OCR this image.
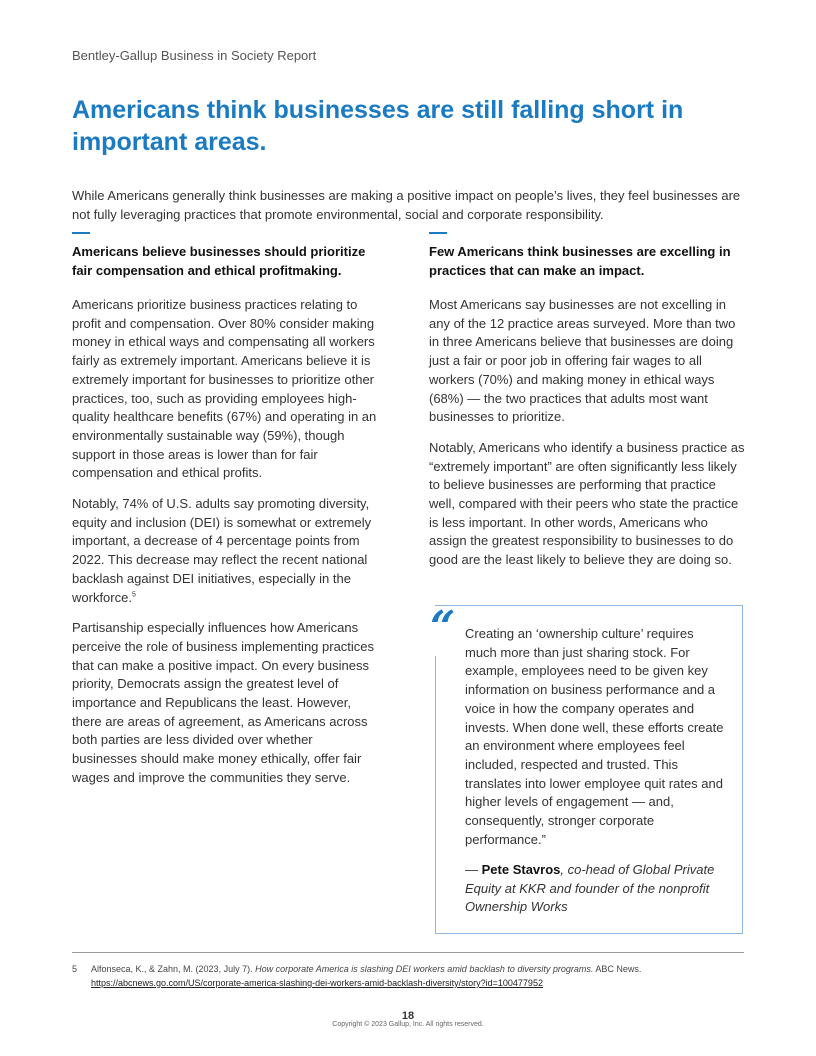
Bentley-Gallup Business in Society Report
Americans think businesses are still falling short in important areas.

While Americans generally think businesses are making a positive impact on people’s lives, they feel businesses are not fully leveraging practices that promote environmental, social and corporate responsibility.

Americans believe businesses should prioritize fair compensation and ethical profitmaking.

Americans prioritize business practices relating to profit and compensation. Over 80% consider making money in ethical ways and compensating all workers fairly as extremely important. Americans believe it is extremely important for businesses to prioritize other practices, too, such as providing employees high-quality healthcare benefits (67%) and operating in an environmentally sustainable way (59%), though support in those areas is lower than for fair compensation and ethical profits.

Notably, 74% of U.S. adults say promoting diversity, equity and inclusion (DEI) is somewhat or extremely important, a decrease of 4 percentage points from 2022. This decrease may reflect the recent national backlash against DEI initiatives, especially in the workforce.$^5$

Partisanship especially influences how Americans perceive the role of business implementing practices that can make a positive impact. On every business priority, Democrats assign the greatest level of importance and Republicans the least. However, there are areas of agreement, as Americans across both parties are less divided over whether businesses should make money ethically, offer fair wages and improve the communities they serve.

Few Americans think businesses are excelling in practices that can make an impact.

Most Americans say businesses are not excelling in any of the 12 practice areas surveyed. More than two in three Americans believe that businesses are doing just a fair or poor job in offering fair wages to all workers (70%) and making money in ethical ways (68%) — the two practices that adults most want businesses to prioritize.

Notably, Americans who identify a business practice as “extremely important” are often significantly less likely to believe businesses are performing that practice well, compared with their peers who state the practice is less important. In other words, Americans who assign the greatest responsibility to businesses to do good are the least likely to believe they are doing so.

“ Creating an ‘ownership culture’ requires much more than just sharing stock. For example, employees need to be given key information on business performance and a voice in how the company operates and invests. When done well, these efforts create an environment where employees feel included, respected and trusted. This translates into lower employee quit rates and higher levels of engagement — and, consequently, stronger corporate performance.”

— Pete Stavros, co-head of Global Private Equity at KKR and founder of the nonprofit Ownership Works

5 Alfonseca, K., & Zahn, M. (2023, July 7). How corporate America is slashing DEI workers amid backlash to diversity programs. ABC News. https://abcnews.go.com/US/corporate-america-slashing-dei-workers-amid-backlash-diversity/story?id=100477952
18
Copyright © 2023 Gallup, Inc. All rights reserved.
